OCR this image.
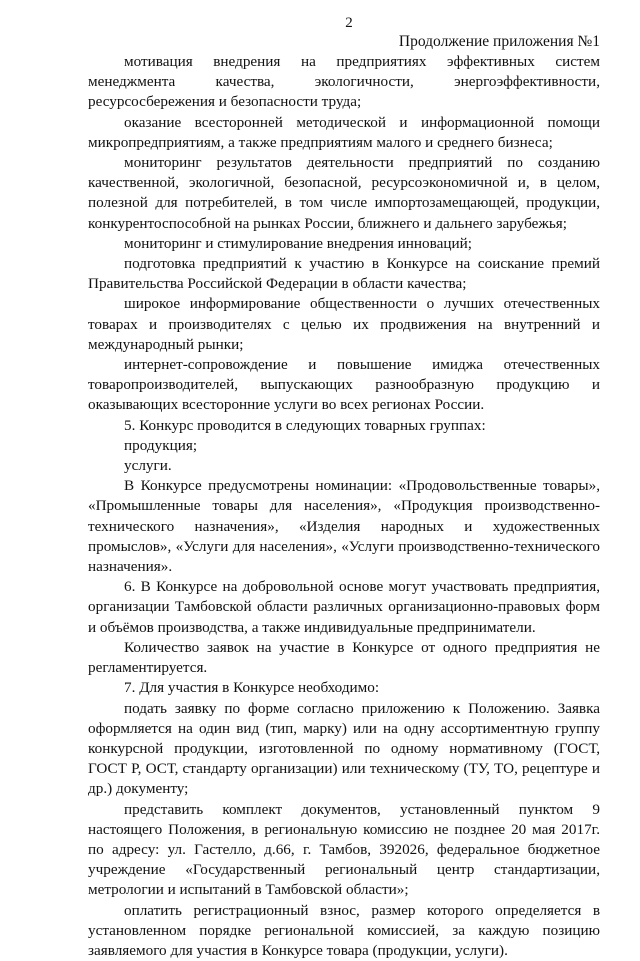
2
Продолжение приложения №1

мотивация внедрения на предприятиях эффективных систем менеджмента качества, экологичности, энергоэффективности, ресурсосбережения и безопасности труда;

оказание всесторонней методической и информационной помощи микропредприятиям, а также предприятиям малого и среднего бизнеса;

мониторинг результатов деятельности предприятий по созданию качественной, экологичной, безопасной, ресурсоэкономичной и, в целом, полезной для потребителей, в том числе импортозамещающей, продукции, конкурентоспособной на рынках России, ближнего и дальнего зарубежья;

мониторинг и стимулирование внедрения инноваций;

подготовка предприятий к участию в Конкурсе на соискание премий Правительства Российской Федерации в области качества;

широкое информирование общественности о лучших отечественных товарах и производителях с целью их продвижения на внутренний и международный рынки;

интернет-сопровождение и повышение имиджа отечественных товаропроизводителей, выпускающих разнообразную продукцию и оказывающих всесторонние услуги во всех регионах России.

5. Конкурс проводится в следующих товарных группах:

продукция;

услуги.

В Конкурсе предусмотрены номинации: «Продовольственные товары», «Промышленные товары для населения», «Продукция производственно-технического назначения», «Изделия народных и художественных промыслов», «Услуги для населения», «Услуги производственно-технического назначения».

6. В Конкурсе на добровольной основе могут участвовать предприятия, организации Тамбовской области различных организационно-правовых форм и объёмов производства, а также индивидуальные предприниматели.

Количество заявок на участие в Конкурсе от одного предприятия не регламентируется.

7. Для участия в Конкурсе необходимо:

подать заявку по форме согласно приложению к Положению. Заявка оформляется на один вид (тип, марку) или на одну ассортиментную группу конкурсной продукции, изготовленной по одному нормативному (ГОСТ, ГОСТ Р, ОСТ, стандарту организации) или техническому (ТУ, ТО, рецептуре и др.) документу;

представить комплект документов, установленный пунктом 9 настоящего Положения, в региональную комиссию не позднее 20 мая 2017г. по адресу: ул. Гастелло, д.66, г. Тамбов, 392026, федеральное бюджетное учреждение «Государственный региональный центр стандартизации, метрологии и испытаний в Тамбовской области»;

оплатить регистрационный взнос, размер которого определяется в установленном порядке региональной комиссией, за каждую позицию заявляемого для участия в Конкурсе товара (продукции, услуги).
